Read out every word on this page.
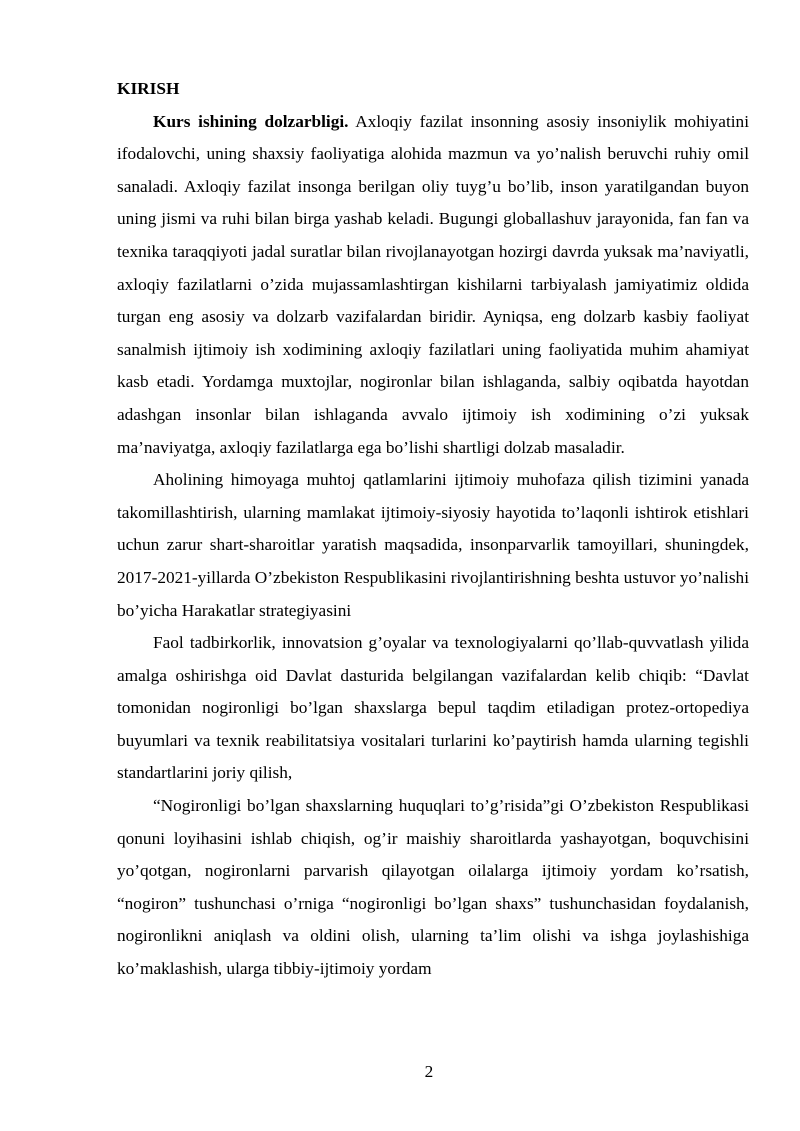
KIRISH

Kurs ishining dolzarbligi. Axloqiy fazilat insonning asosiy insoniylik mohiyatini ifodalovchi, uning shaxsiy faoliyatiga alohida mazmun va yo’nalish beruvchi ruhiy omil sanaladi. Axloqiy fazilat insonga berilgan oliy tuyg’u bo’lib, inson yaratilgandan buyon uning jismi va ruhi bilan birga yashab keladi. Bugungi globallashuv jarayonida, fan fan va texnika taraqqiyoti jadal suratlar bilan rivojlanayotgan hozirgi davrda yuksak ma’naviyatli, axloqiy fazilatlarni o’zida mujassamlashtirgan kishilarni tarbiyalash jamiyatimiz oldida turgan eng asosiy va dolzarb vazifalardan biridir. Ayniqsa, eng dolzarb kasbiy faoliyat sanalmish ijtimoiy ish xodimining axloqiy fazilatlari uning faoliyatida muhim ahamiyat kasb etadi. Yordamga muxtojlar, nogironlar bilan ishlaganda, salbiy oqibatda hayotdan adashgan insonlar bilan ishlaganda avvalo ijtimoiy ish xodimining o’zi yuksak ma’naviyatga, axloqiy fazilatlarga ega bo’lishi shartligi dolzab masaladir.

Aholining himoyaga muhtoj qatlamlarini ijtimoiy muhofaza qilish tizimini yanada takomillashtirish, ularning mamlakat ijtimoiy-siyosiy hayotida to’laqonli ishtirok etishlari uchun zarur shart-sharoitlar yaratish maqsadida, insonparvarlik tamoyillari, shuningdek, 2017-2021-yillarda O’zbekiston Respublikasini rivojlantirishning beshta ustuvor yo’nalishi bo’yicha Harakatlar strategiyasini

Faol tadbirkorlik, innovatsion g’oyalar va texnologiyalarni qo’llab-quvvatlash yilida amalga oshirishga oid Davlat dasturida belgilangan vazifalardan kelib chiqib: “Davlat tomonidan nogironligi bo’lgan shaxslarga bepul taqdim etiladigan protez-ortopediya buyumlari va texnik reabilitatsiya vositalari turlarini ko’paytirish hamda ularning tegishli standartlarini joriy qilish,

“Nogironligi bo’lgan shaxslarning huquqlari to’g’risida”gi O’zbekiston Respublikasi qonuni loyihasini ishlab chiqish, og’ir maishiy sharoitlarda yashayotgan, boquvchisini yo’qotgan, nogironlarni parvarish qilayotgan oilalarga ijtimoiy yordam ko’rsatish, “nogiron” tushunchasi o’rniga “nogironligi bo’lgan shaxs” tushunchasidan foydalanish, nogironlikni aniqlash va oldini olish, ularning ta’lim olishi va ishga joylashishiga ko’maklashish, ularga tibbiy-ijtimoiy yordam

2
